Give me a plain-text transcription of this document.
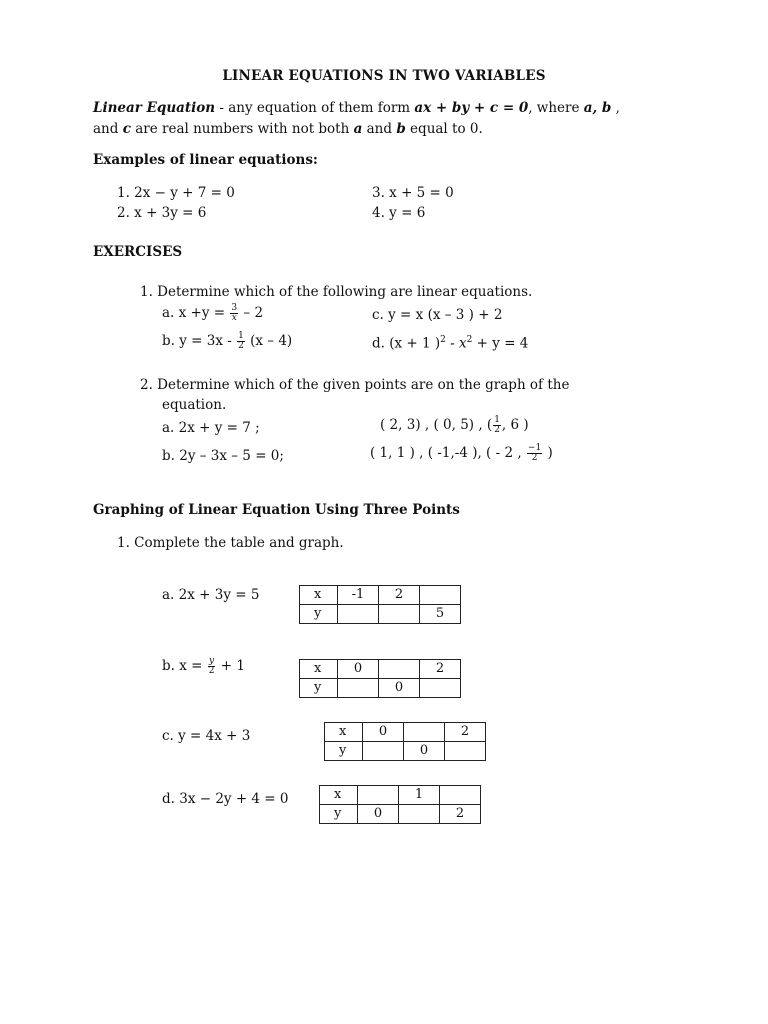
LINEAR EQUATIONS IN TWO VARIABLES
Linear Equation - any equation of them form ax + by + c = 0, where a, b ,
and c are real numbers with not both a and b equal to 0.
Examples of linear equations:
1. 2x − y + 7 = 0
2. x + 3y = 6
3. x + 5 = 0
4. y = 6
EXERCISES
1. Determine which of the following are linear equations.
a. $x +y = \frac{3}{x} - 2$	c. y = x (x – 3 ) + 2
b. $y = 3x - \frac{1}{2} (x - 4)$	d. (x + 1 )$^2 - x^2 + y = 4$
2. Determine which of the given points are on the graph of the
equation.
a. 2x + y = 7 ;	( 2, 3) , ( 0, 5) , ( $\frac{1}{2}$ , 6 )
b. 2y – 3x – 5 = 0;	( 1, 1 ) , ( -1,-4 ), ( - 2 , $\frac{-1}{2}$ )
Graphing of Linear Equation Using Three Points
1. Complete the table and graph.
a. 2x + 3y = 5	x	-1	2	
y			5
b. $x = \frac{y}{2} + 1$	x	0		2
y		0	
c. y = 4x + 3	x	0		2
y		0	
d. 3x − 2y + 4 = 0	x		1	
y	0		2
